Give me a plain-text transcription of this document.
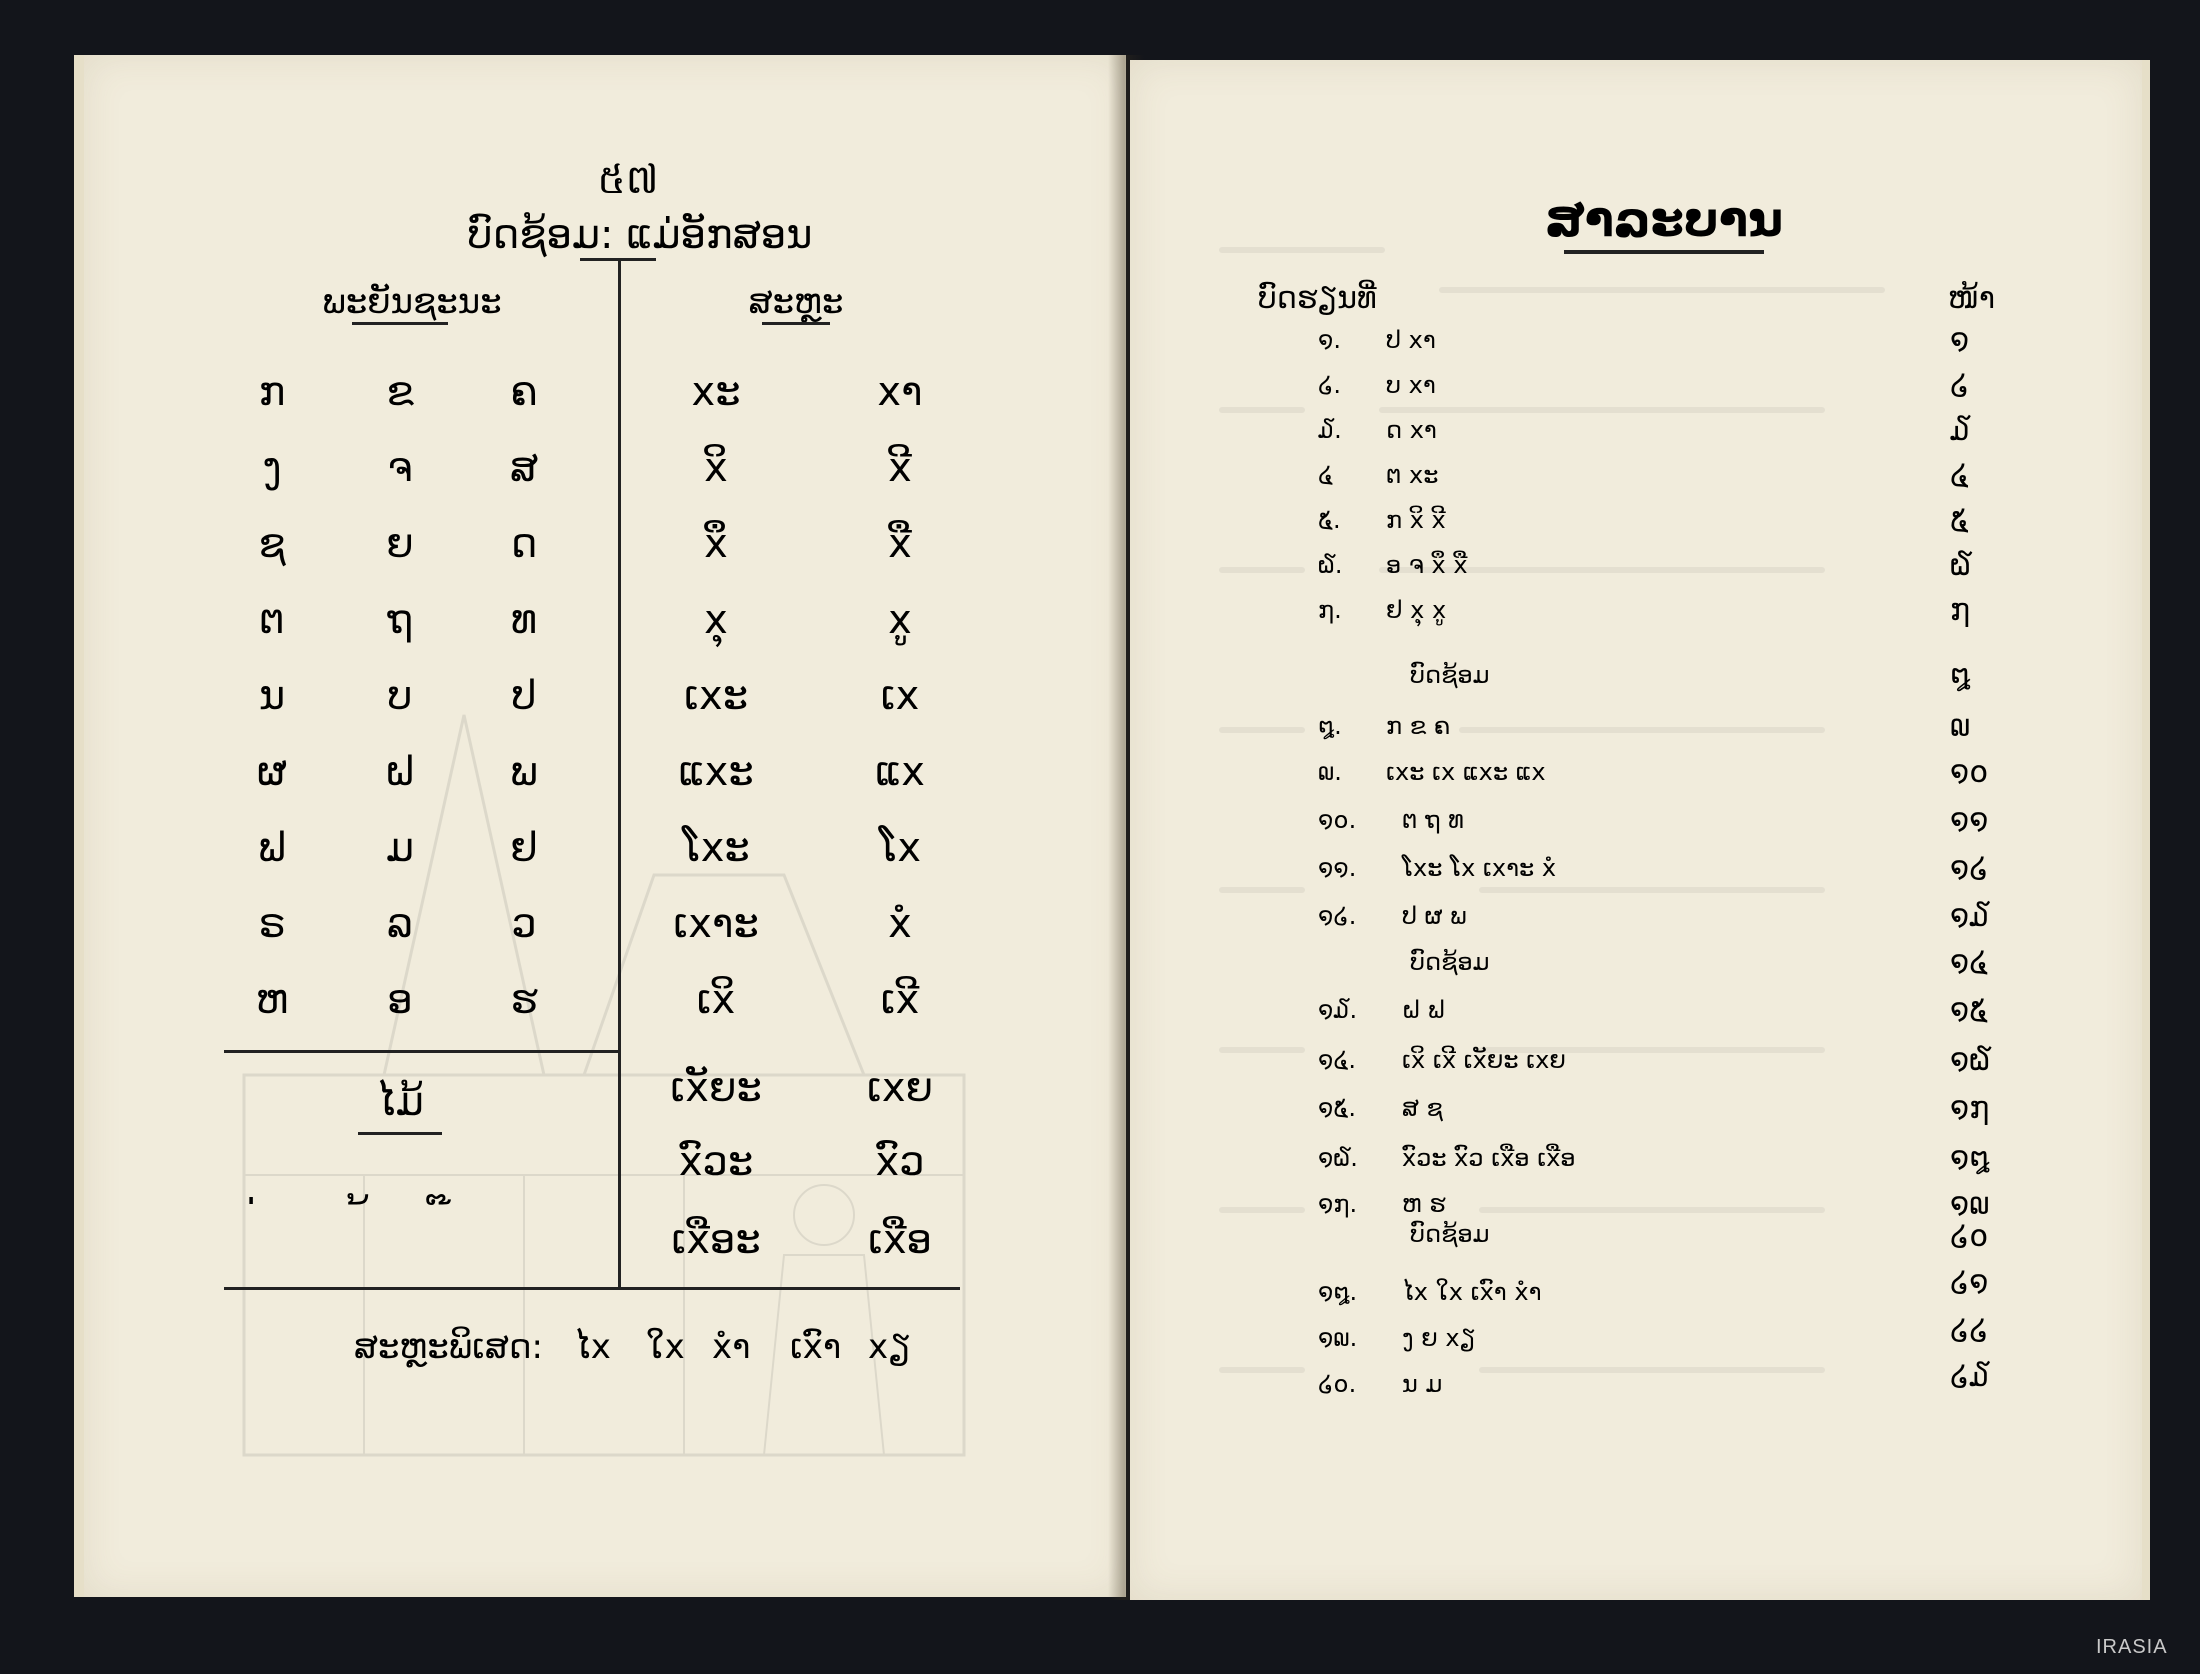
៥៧
ບົດຊ້ອມ: ແມ່ອັກສອນ
ພະຍັນຊະນະ	ສະຫຼະ
ກ	ຂ ຄ
ງ	ຈ ສ
ຊ	ຍ ດ
ຕ	ຖ ທ
ນ	ບ ປ
ຜ ຝ ພ
ຟ	ມ ຢ
ຣ	ລ ວ
ຫ ອ ຮ
xະ	xາ
xິ	xີ
xຶ	xື
xຸ	xູ
ເxະ	ເx
ແxະ	ແx
ໂxະ	ໂx
ເxາະ	xໍ
ເxິ	ເxີ
ເxັຍະ	ເxຍ
xົວະ	xົວ
ເxືອະ	ເxືອ
ໄມ້
ສະຫຼະພິເສດ: ໄx ໃx xໍາ ເxົາ xຽ
ສາລະບານ
ບົດຮຽນທີ່	ໜ້າ
໑. ປ xາ	໑
໒. ບ xາ	໒
໓. ດ xາ	໓
໔ ຕ xະ	໔
໕. ກ xິ xີ	໕
໖. ອ ຈ xຶ xື	໖
໗. ຢ xຸ xູ	໗
ບົດຊ້ອມ	໘
໘. ກ ຂ ຄ	໙
໙. ເxະ ເx ແxະ ແx	໑໐
໑໐. ຕ ຖ ທ	໑໑
໑໑. ໂxະ ໂx ເxາະ xໍ	໑໒
໑໒. ປ ຜ ພ	໑໓
ບົດຊ້ອມ	໑໔
໑໓. ຝ ຟ	໑໕
໑໔. ເxິ ເxີ ເxັຍະ ເxຍ	໑໖
໑໕. ສ ຊ	໑໗
໑໖. xົວະ xົວ ເxືອ ເxືອ	໑໘
໑໗. ຫ ຮ	໑໙
ບົດຊ້ອມ	໒໐
໑໘. ໄx ໃx ເxົາ xໍາ	໒໑
໑໙. ງ ຍ xຽ	໒໒
໒໐. ນ ມ	໒໓
IRASIA
